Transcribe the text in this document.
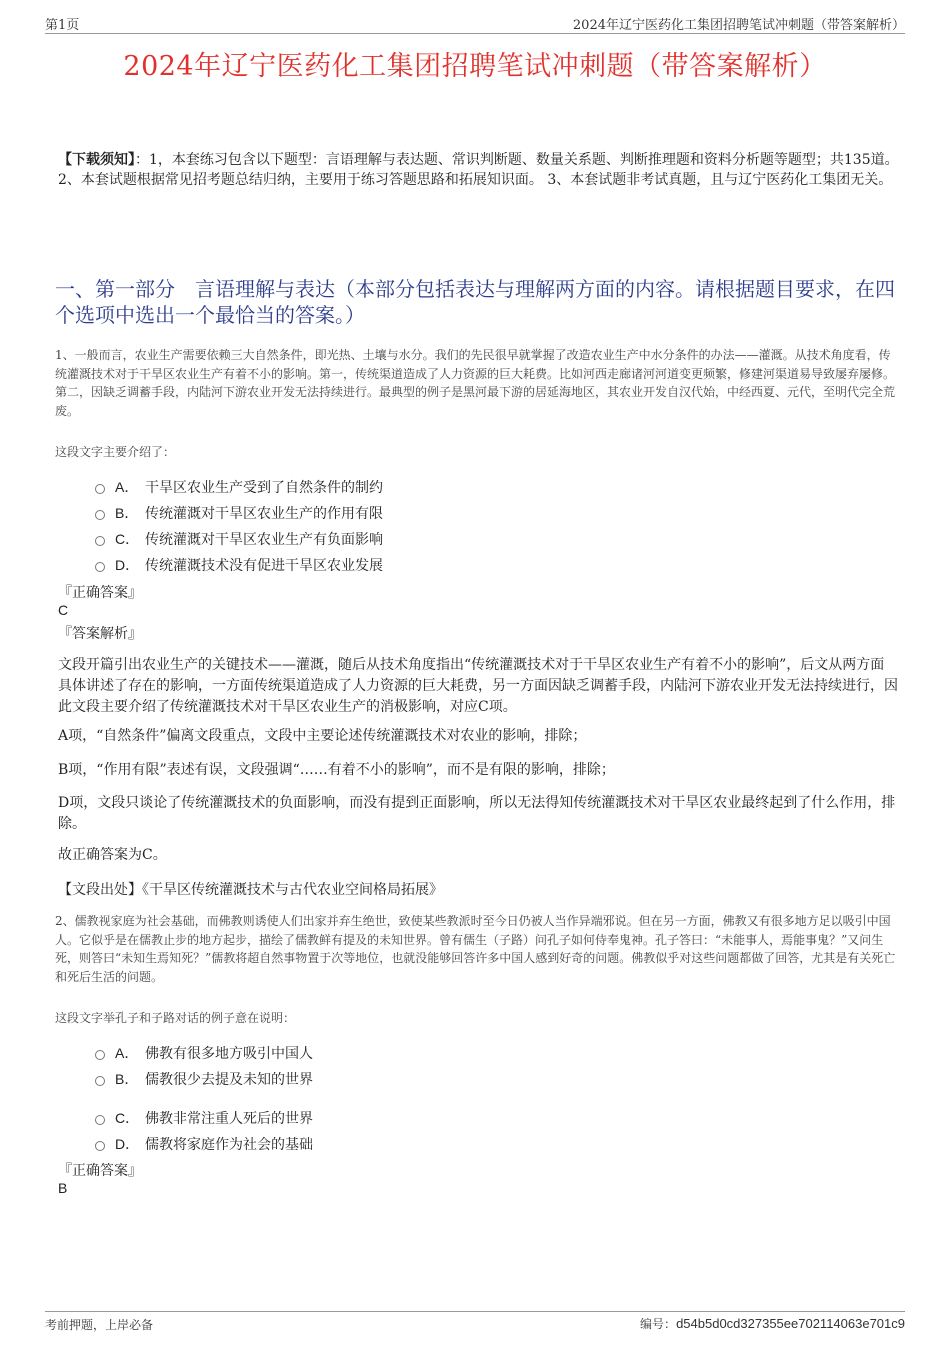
第1页	2024年辽宁医药化工集团招聘笔试冲刺题（带答案解析）
2024年辽宁医药化工集团招聘笔试冲刺题（带答案解析）
【下载须知】：1，本套练习包含以下题型：言语理解与表达题、常识判断题、数量关系题、判断推理题和资料分析题等题型；共135道。 2、本套试题根据常见招考题总结归纳，主要用于练习答题思路和拓展知识面。 3、本套试题非考试真题，且与辽宁医药化工集团无关。
一、第一部分　言语理解与表达（本部分包括表达与理解两方面的内容。请根据题目要求，在四个选项中选出一个最恰当的答案。）
1、一般而言，农业生产需要依赖三大自然条件，即光热、土壤与水分。我们的先民很早就掌握了改造农业生产中水分条件的办法——灌溉。从技术角度看，传统灌溉技术对于干旱区农业生产有着不小的影响。第一，传统渠道造成了人力资源的巨大耗费。比如河西走廊诸河河道变更频繁，修建河渠道易导致屡弃屡修。第二，因缺乏调蓄手段，内陆河下游农业开发无法持续进行。最典型的例子是黑河最下游的居延海地区，其农业开发自汉代始，中经西夏、元代，至明代完全荒废。
这段文字主要介绍了：
A． 干旱区农业生产受到了自然条件的制约
B． 传统灌溉对干旱区农业生产的作用有限
C． 传统灌溉对干旱区农业生产有负面影响
D． 传统灌溉技术没有促进干旱区农业发展
『正确答案』
C
『答案解析』
文段开篇引出农业生产的关键技术——灌溉，随后从技术角度指出“传统灌溉技术对于干旱区农业生产有着不小的影响”，后文从两方面具体讲述了存在的影响，一方面传统渠道造成了人力资源的巨大耗费，另一方面因缺乏调蓄手段，内陆河下游农业开发无法持续进行，因此文段主要介绍了传统灌溉技术对干旱区农业生产的消极影响，对应C项。
A项，“自然条件”偏离文段重点，文段中主要论述传统灌溉技术对农业的影响，排除；
B项，“作用有限”表述有误，文段强调“……有着不小的影响”，而不是有限的影响，排除；
D项，文段只谈论了传统灌溉技术的负面影响，而没有提到正面影响，所以无法得知传统灌溉技术对干旱区农业最终起到了什么作用，排除。
故正确答案为C。
【文段出处】《干旱区传统灌溉技术与古代农业空间格局拓展》
2、儒教视家庭为社会基础，而佛教则诱使人们出家并弃生绝世，致使某些教派时至今日仍被人当作异端邪说。但在另一方面，佛教又有很多地方足以吸引中国人。它似乎是在儒教止步的地方起步，描绘了儒教鲜有提及的未知世界。曾有儒生（子路）问孔子如何侍奉鬼神。孔子答曰：“未能事人，焉能事鬼？”又问生死，则答曰“未知生焉知死？”儒教将超自然事物置于次等地位，也就没能够回答许多中国人感到好奇的问题。佛教似乎对这些问题都做了回答，尤其是有关死亡和死后生活的问题。
这段文字举孔子和子路对话的例子意在说明：
A． 佛教有很多地方吸引中国人
B． 儒教很少去提及未知的世界
C． 佛教非常注重人死后的世界
D． 儒教将家庭作为社会的基础
『正确答案』
B
考前押题，上岸必备	编号：d54b5d0cd327355ee702114063e701c9
